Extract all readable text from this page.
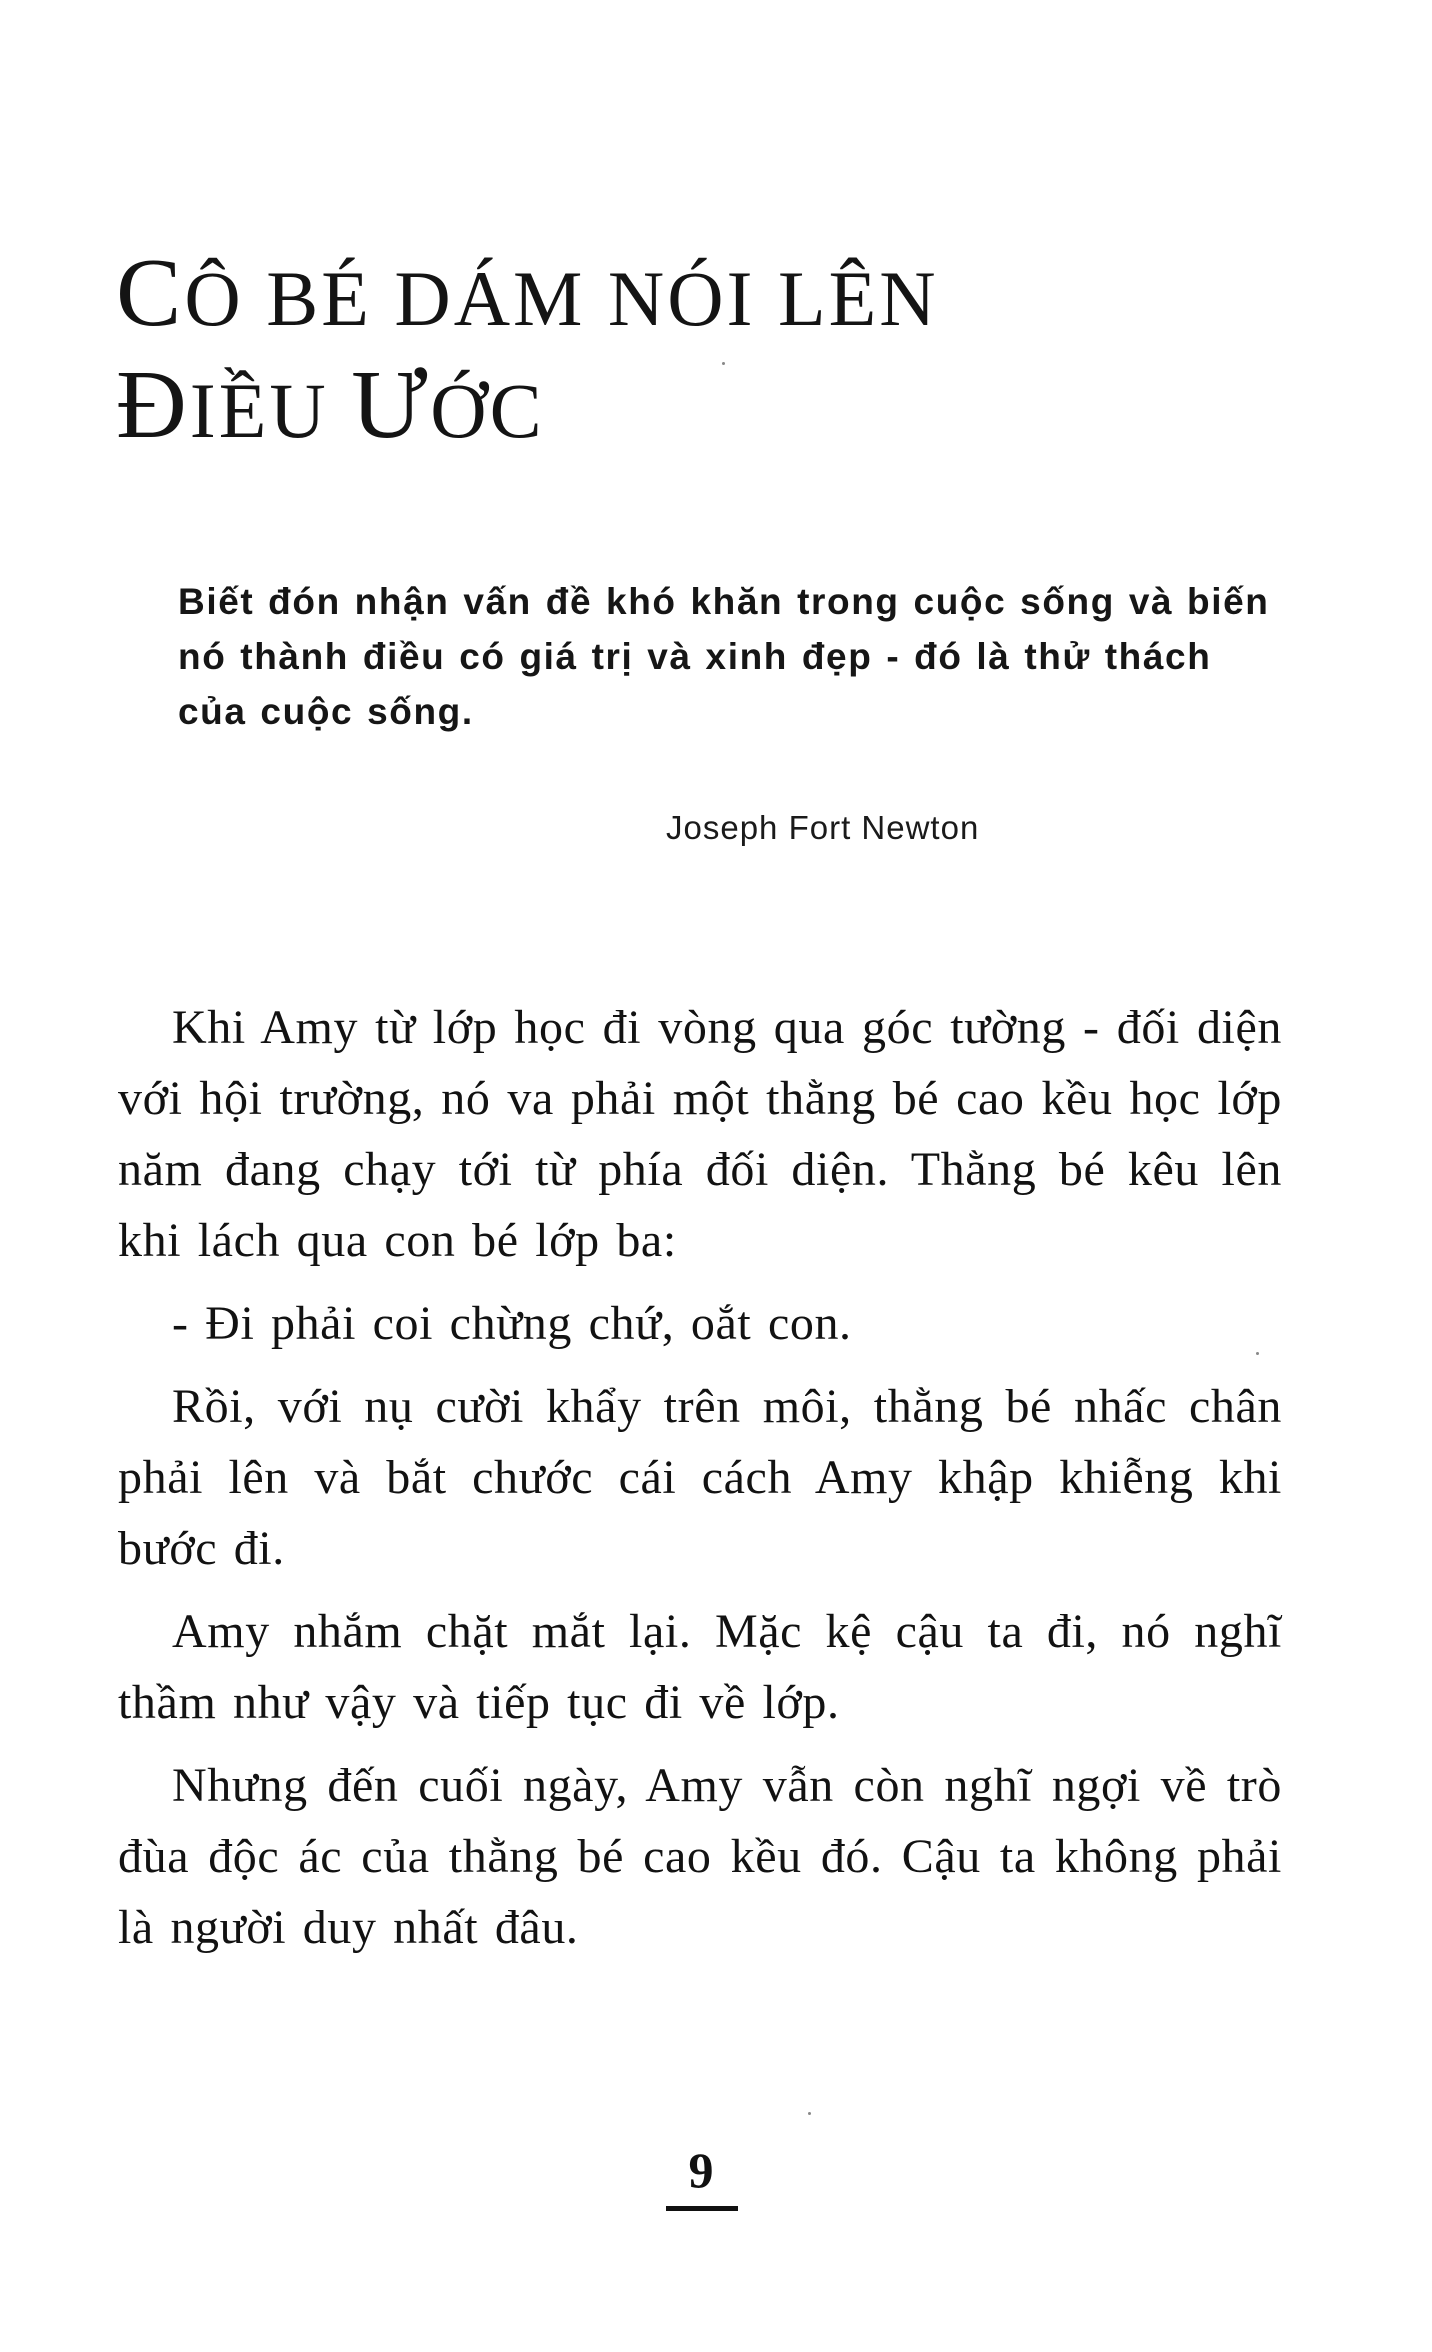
CÔ BÉ DÁM NÓI LÊN
ĐIỀU ƯỚC

Biết đón nhận vấn đề khó khăn trong cuộc sống và biến nó thành điều có giá trị và xinh đẹp - đó là thử thách của cuộc sống.

Joseph Fort Newton

Khi Amy từ lớp học đi vòng qua góc tường - đối diện với hội trường, nó va phải một thằng bé cao kều học lớp năm đang chạy tới từ phía đối diện. Thằng bé kêu lên khi lách qua con bé lớp ba:

- Đi phải coi chừng chứ, oắt con.

Rồi, với nụ cười khẩy trên môi, thằng bé nhấc chân phải lên và bắt chước cái cách Amy khập khiễng khi bước đi.

Amy nhắm chặt mắt lại. Mặc kệ cậu ta đi, nó nghĩ thầm như vậy và tiếp tục đi về lớp.

Nhưng đến cuối ngày, Amy vẫn còn nghĩ ngợi về trò đùa độc ác của thằng bé cao kều đó. Cậu ta không phải là người duy nhất đâu.

9
